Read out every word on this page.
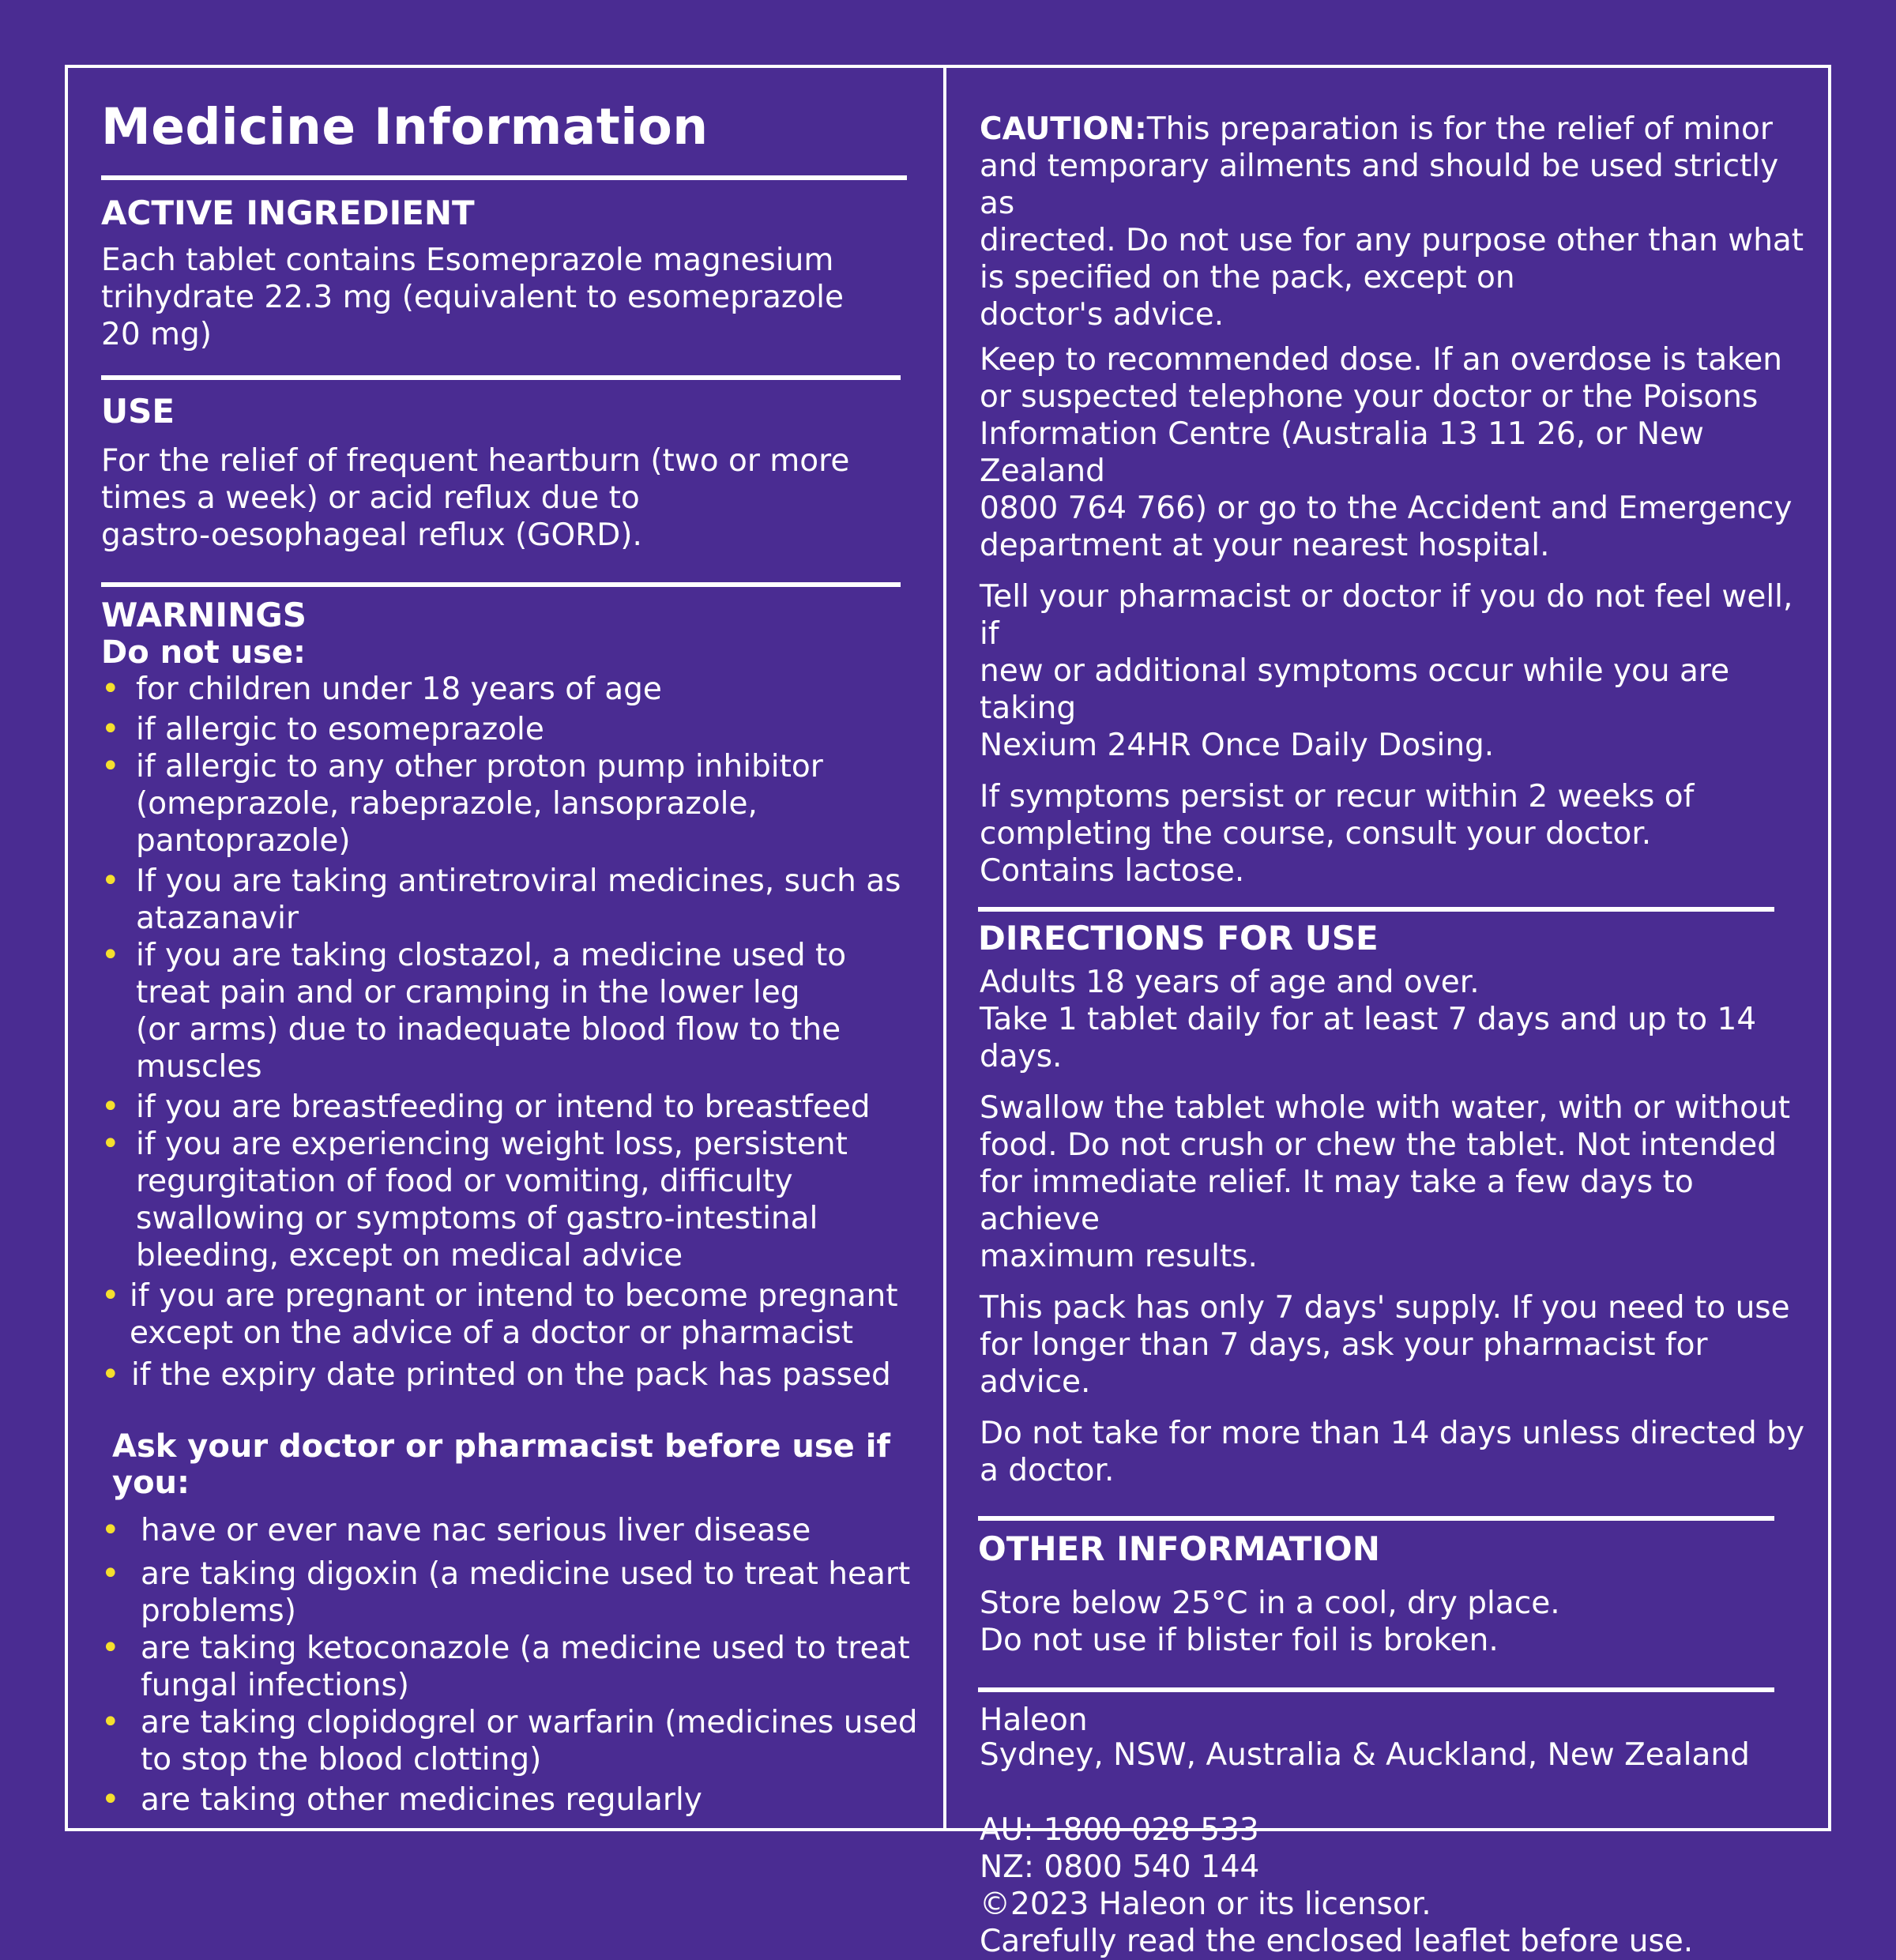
Medicine Information
ACTIVE INGREDIENT
Each tablet contains Esomeprazole magnesium
trihydrate 22.3 mg (equivalent to esomeprazole
20 mg)
USE
For the relief of frequent heartburn (two or more
times a week) or acid reflux due to
gastro-oesophageal reflux (GORD).
WARNINGS
Do not use:
• for children under 18 years of age
• if allergic to esomeprazole
• if allergic to any other proton pump inhibitor
(omeprazole, rabeprazole, lansoprazole,
pantoprazole)
• If you are taking antiretroviral medicines, such as
atazanavir
• if you are taking clostazol, a medicine used to
treat pain and or cramping in the lower leg
(or arms) due to inadequate blood flow to the
muscles
• if you are breastfeeding or intend to breastfeed
• if you are experiencing weight loss, persistent
regurgitation of food or vomiting, difficulty
swallowing or symptoms of gastro-intestinal
bleeding, except on medical advice
• if you are pregnant or intend to become pregnant
except on the advice of a doctor or pharmacist
• if the expiry date printed on the pack has passed
Ask your doctor or pharmacist before use if you:
• have or ever nave nac serious liver disease
• are taking digoxin (a medicine used to treat heart
problems)
• are taking ketoconazole (a medicine used to treat
fungal infections)
• are taking clopidogrel or warfarin (medicines used
to stop the blood clotting)
• are taking other medicines regularly
CAUTION:This preparation is for the relief of minor
and temporary ailments and should be used strictly as
directed. Do not use for any purpose other than what
is specified on the pack, except on
doctor's advice.
Keep to recommended dose. If an overdose is taken
or suspected telephone your doctor or the Poisons
Information Centre (Australia 13 11 26, or New Zealand
0800 764 766) or go to the Accident and Emergency
department at your nearest hospital.
Tell your pharmacist or doctor if you do not feel well, if
new or additional symptoms occur while you are taking
Nexium 24HR Once Daily Dosing.
If symptoms persist or recur within 2 weeks of
completing the course, consult your doctor.
Contains lactose.
DIRECTIONS FOR USE
Adults 18 years of age and over.
Take 1 tablet daily for at least 7 days and up to 14 days.
Swallow the tablet whole with water, with or without
food. Do not crush or chew the tablet. Not intended
for immediate relief. It may take a few days to achieve
maximum results.
This pack has only 7 days' supply. If you need to use
for longer than 7 days, ask your pharmacist for advice.
Do not take for more than 14 days unless directed by
a doctor.
OTHER INFORMATION
Store below 25°C in a cool, dry place.
Do not use if blister foil is broken.
Haleon
Sydney, NSW, Australia & Auckland, New Zealand
AU: 1800 028 533
NZ: 0800 540 144
©2023 Haleon or its licensor.
Carefully read the enclosed leaflet before use.
